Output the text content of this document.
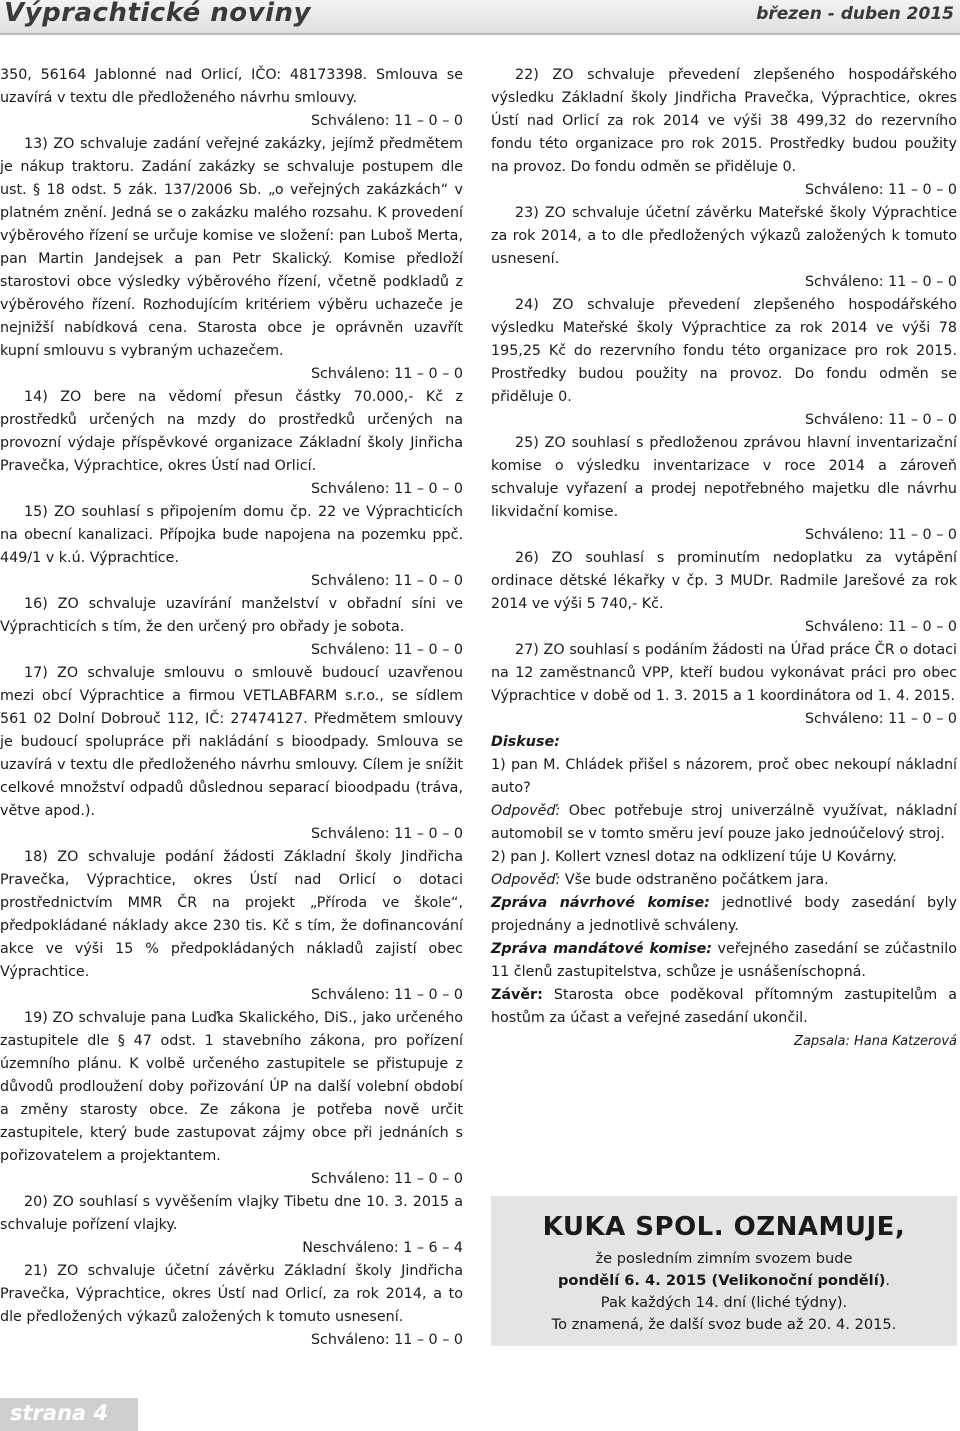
Výprachtické noviny	březen - duben 2015

350, 56164 Jablonné nad Orlicí, IČO: 48173398. Smlouva se uzavírá v textu dle předloženého návrhu smlouvy.

Schváleno: 11 – 0 – 0

13) ZO schvaluje zadání veřejné zakázky, jejímž předmětem je nákup traktoru. Zadání zakázky se schvaluje postupem dle ust. § 18 odst. 5 zák. 137/2006 Sb. „o veřejných zakázkách“ v platném znění. Jedná se o zakázku malého rozsahu. K provedení výběrového řízení se určuje komise ve složení: pan Luboš Merta, pan Martin Jandejsek a pan Petr Skalický. Komise předloží starostovi obce výsledky výběrového řízení, včetně podkladů z výběrového řízení. Rozhodujícím kritériem výběru uchazeče je nejnižší nabídková cena. Starosta obce je oprávněn uzavřít kupní smlouvu s vybraným uchazečem.

Schváleno: 11 – 0 – 0

14) ZO bere na vědomí přesun částky 70.000,- Kč z prostředků určených na mzdy do prostředků určených na provozní výdaje příspěvkové organizace Základní školy Jinřicha Pravečka, Výprachtice, okres Ústí nad Orlicí.

Schváleno: 11 – 0 – 0

15) ZO souhlasí s připojením domu čp. 22 ve Výprachticích na obecní kanalizaci. Přípojka bude napojena na pozemku ppč. 449/1 v k.ú. Výprachtice.

Schváleno: 11 – 0 – 0

16) ZO schvaluje uzavírání manželství v obřadní síni ve Výprachticích s tím, že den určený pro obřady je sobota.

Schváleno: 11 – 0 – 0

17) ZO schvaluje smlouvu o smlouvě budoucí uzavřenou mezi obcí Výprachtice a firmou VETLABFARM s.r.o., se sídlem 561 02 Dolní Dobrouč 112, IČ: 27474127. Předmětem smlouvy je budoucí spolupráce při nakládání s bioodpady. Smlouva se uzavírá v textu dle předloženého návrhu smlouvy. Cílem je snížit celkové množství odpadů důslednou separací bioodpadu (tráva, větve apod.).

Schváleno: 11 – 0 – 0

18) ZO schvaluje podání žádosti Základní školy Jindřicha Pravečka, Výprachtice, okres Ústí nad Orlicí o dotaci prostřednictvím MMR ČR na projekt „Příroda ve škole“, předpokládané náklady akce 230 tis. Kč s tím, že dofinancování akce ve výši 15 % předpokládaných nákladů zajistí obec Výprachtice.

Schváleno: 11 – 0 – 0

19) ZO schvaluje pana Luďka Skalického, DiS., jako určeného zastupitele dle § 47 odst. 1 stavebního zákona, pro pořízení územního plánu. K volbě určeného zastupitele se přistupuje z důvodů prodloužení doby pořizování ÚP na další volební období a změny starosty obce. Ze zákona je potřeba nově určit zastupitele, který bude zastupovat zájmy obce při jednáních s pořizovatelem a projektantem.

Schváleno: 11 – 0 – 0

20) ZO souhlasí s vyvěšením vlajky Tibetu dne 10. 3. 2015 a schvaluje pořízení vlajky.

Neschváleno: 1 – 6 – 4

21) ZO schvaluje účetní závěrku Základní školy Jindřicha Pravečka, Výprachtice, okres Ústí nad Orlicí, za rok 2014, a to dle předložených výkazů založených k tomuto usnesení.

Schváleno: 11 – 0 – 0

22) ZO schvaluje převedení zlepšeného hospodářského výsledku Základní školy Jindřicha Pravečka, Výprachtice, okres Ústí nad Orlicí za rok 2014 ve výši 38 499,32 do rezervního fondu této organizace pro rok 2015. Prostředky budou použity na provoz. Do fondu odměn se přiděluje 0.

Schváleno: 11 – 0 – 0

23) ZO schvaluje účetní závěrku Mateřské školy Výprachtice za rok 2014, a to dle předložených výkazů založených k tomuto usnesení.

Schváleno: 11 – 0 – 0

24) ZO schvaluje převedení zlepšeného hospodářského výsledku Mateřské školy Výprachtice za rok 2014 ve výši 78 195,25 Kč do rezervního fondu této organizace pro rok 2015. Prostředky budou použity na provoz. Do fondu odměn se přiděluje 0.

Schváleno: 11 – 0 – 0

25) ZO souhlasí s předloženou zprávou hlavní inventarizační komise o výsledku inventarizace v roce 2014 a zároveň schvaluje vyřazení a prodej nepotřebného majetku dle návrhu likvidační komise.

Schváleno: 11 – 0 – 0

26) ZO souhlasí s prominutím nedoplatku za vytápění ordinace dětské lékařky v čp. 3 MUDr. Radmile Jarešové za rok 2014 ve výši 5 740,- Kč.

Schváleno: 11 – 0 – 0

27) ZO souhlasí s podáním žádosti na Úřad práce ČR o dotaci na 12 zaměstnanců VPP, kteří budou vykonávat práci pro obec Výprachtice v době od 1. 3. 2015 a 1 koordinátora od 1. 4. 2015.

Schváleno: 11 – 0 – 0

Diskuse:

1) pan M. Chládek přišel s názorem, proč obec nekoupí nákladní auto?

Odpověď: Obec potřebuje stroj univerzálně využívat, nákladní automobil se v tomto směru jeví pouze jako jednoúčelový stroj.

2) pan J. Kollert vznesl dotaz na odklizení túje U Kovárny.

Odpověď: Vše bude odstraněno počátkem jara.

Zpráva návrhové komise: jednotlivé body zasedání byly projednány a jednotlivě schváleny.

Zpráva mandátové komise: veřejného zasedání se zúčastnilo 11 členů zastupitelstva, schůze je usnášeníschopná.

Závěr: Starosta obce poděkoval přítomným zastupitelům a hostům za účast a veřejné zasedání ukončil.

Zapsala: Hana Katzerová

KUKA SPOL. OZNAMUJE,

že posledním zimním svozem bude

pondělí 6. 4. 2015 (Velikonoční pondělí).

Pak každých 14. dní (liché týdny).

To znamená, že další svoz bude až 20. 4. 2015.

strana 4
